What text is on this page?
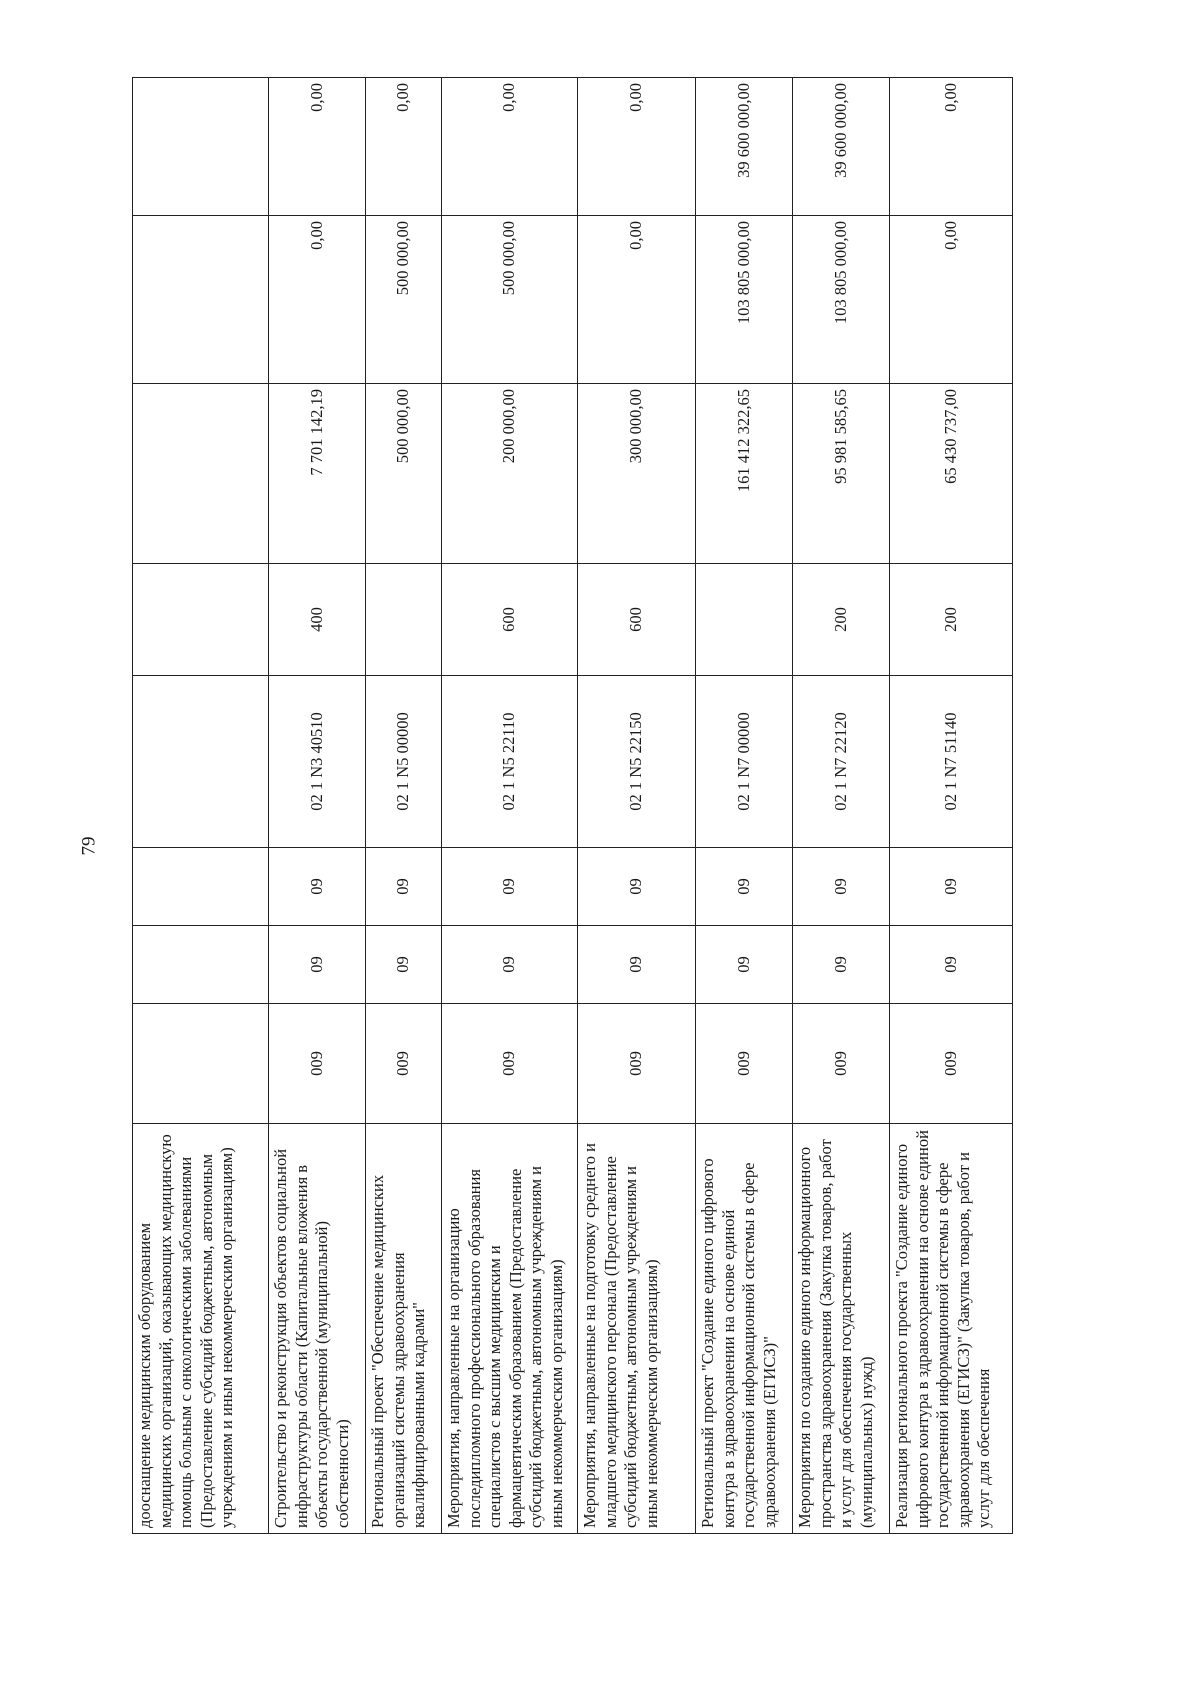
79
дооснащение медицинским оборудованием медицинских организаций, оказывающих медицинскую помощь больным с онкологическими заболеваниями (Предоставление субсидий бюджетным, автономным учреждениям и иным некоммерческим организациям)								
Строительство и реконструкция объектов социальной инфраструктуры области (Капитальные вложения в объекты государственной (муниципальной) собственности)	009	09	09	02 1 N3 40510	400	7 701 142,19	0,00	0,00
Региональный проект "Обеспечение медицинских организаций системы здравоохранения квалифицированными кадрами"	009	09	09	02 1 N5 00000		500 000,00	500 000,00	0,00
Мероприятия, направленные на организацию последипломного профессионального образования специалистов с высшим медицинским и фармацевтическим образованием (Предоставление субсидий бюджетным, автономным учреждениям и иным некоммерческим организациям)	009	09	09	02 1 N5 22110	600	200 000,00	500 000,00	0,00
Мероприятия, направленные на подготовку среднего и младшего медицинского персонала (Предоставление субсидий бюджетным, автономным учреждениям и иным некоммерческим организациям)	009	09	09	02 1 N5 22150	600	300 000,00	0,00	0,00
Региональный проект "Создание единого цифрового контура в здравоохранении на основе единой государственной информационной системы в сфере здравоохранения (ЕГИСЗ)"	009	09	09	02 1 N7 00000		161 412 322,65	103 805 000,00	39 600 000,00
Мероприятия по созданию единого информационного пространства здравоохранения (Закупка товаров, работ и услуг для обеспечения государственных (муниципальных) нужд)	009	09	09	02 1 N7 22120	200	95 981 585,65	103 805 000,00	39 600 000,00
Реализация регионального проекта "Создание единого цифрового контура в здравоохранении на основе единой государственной информационной системы в сфере здравоохранения (ЕГИСЗ)" (Закупка товаров, работ и услуг для обеспечения	009	09	09	02 1 N7 51140	200	65 430 737,00	0,00	0,00
